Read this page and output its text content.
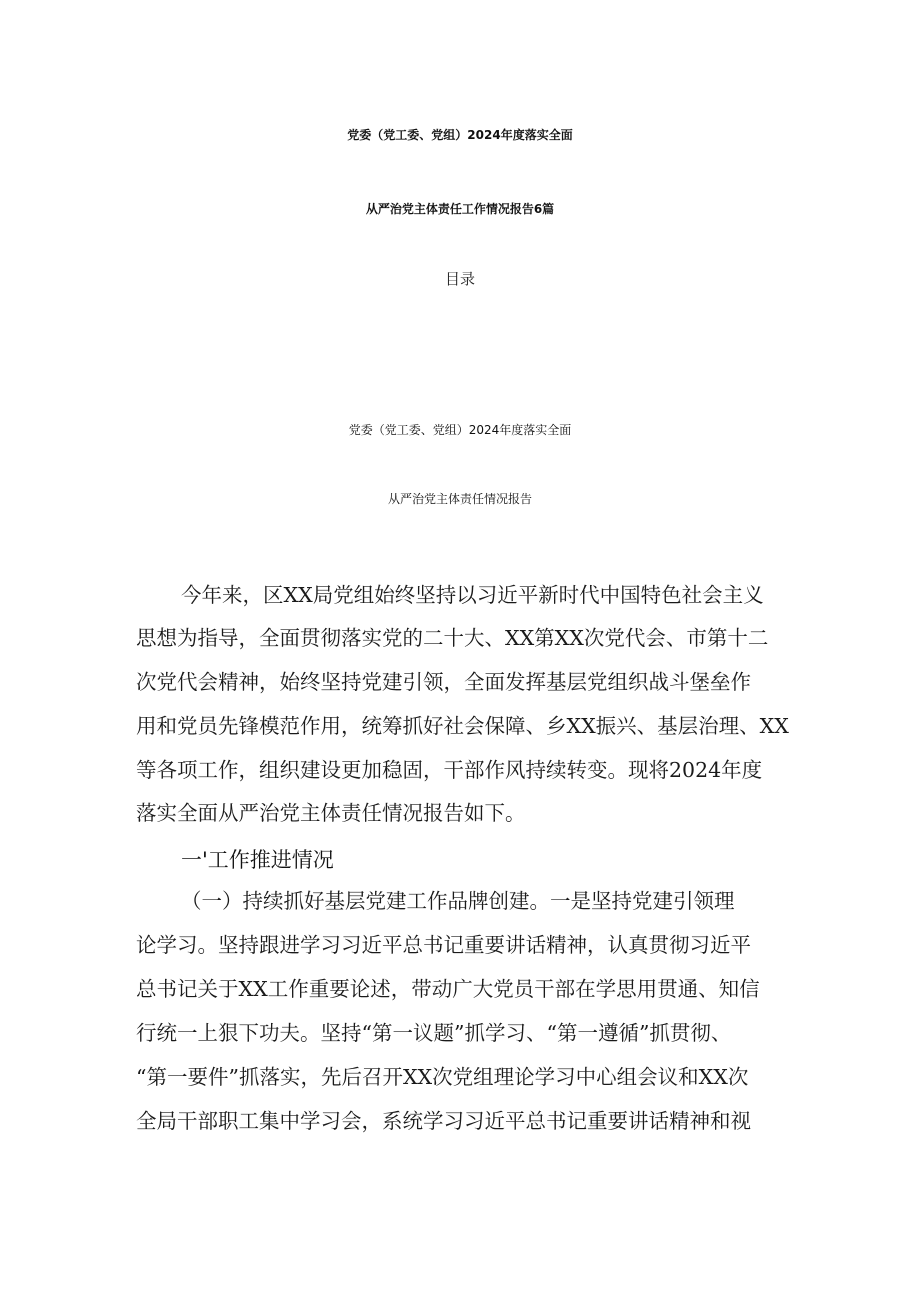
党委（党工委、党组）2024年度落实全面
从严治党主体责任工作情况报告6篇
目录
党委（党工委、党组）2024年度落实全面
从严治党主体责任情况报告
今年来，区XX局党组始终坚持以习近平新时代中国特色社会主义
思想为指导，全面贯彻落实党的二十大、XX第XX次党代会、市第十二
次党代会精神，始终坚持党建引领，全面发挥基层党组织战斗堡垒作
用和党员先锋模范作用，统筹抓好社会保障、乡XX振兴、基层治理、XX
等各项工作，组织建设更加稳固，干部作风持续转变。现将2024年度
落实全面从严治党主体责任情况报告如下。
一'工作推进情况
（一）持续抓好基层党建工作品牌创建。一是坚持党建引领理
论学习。坚持跟进学习习近平总书记重要讲话精神，认真贯彻习近平
总书记关于XX工作重要论述，带动广大党员干部在学思用贯通、知信
行统一上狠下功夫。坚持“第一议题”抓学习、“第一遵循”抓贯彻、
“第一要件”抓落实，先后召开XX次党组理论学习中心组会议和XX次
全局干部职工集中学习会，系统学习习近平总书记重要讲话精神和视
